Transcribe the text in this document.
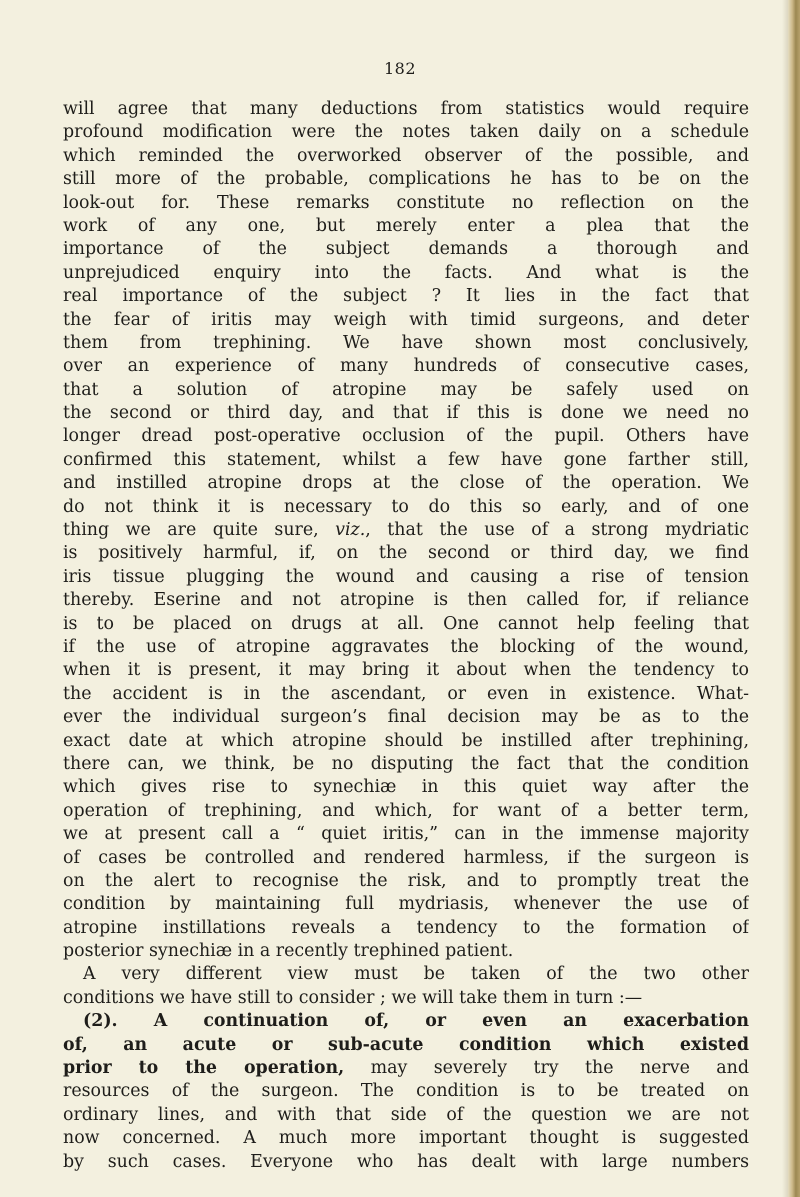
182
will agree that many deductions from statistics would require
profound modification were the notes taken daily on a schedule
which reminded the overworked observer of the possible, and
still more of the probable, complications he has to be on the
look-out for. These remarks constitute no reflection on the
work of any one, but merely enter a plea that the
importance of the subject demands a thorough and
unprejudiced enquiry into the facts. And what is the
real importance of the subject ? It lies in the fact that
the fear of iritis may weigh with timid surgeons, and deter
them from trephining. We have shown most conclusively,
over an experience of many hundreds of consecutive cases,
that a solution of atropine may be safely used on
the second or third day, and that if this is done we need no
longer dread post-operative occlusion of the pupil. Others have
confirmed this statement, whilst a few have gone farther still,
and instilled atropine drops at the close of the operation. We
do not think it is necessary to do this so early, and of one
thing we are quite sure, viz., that the use of a strong mydriatic
is positively harmful, if, on the second or third day, we find
iris tissue plugging the wound and causing a rise of tension
thereby. Eserine and not atropine is then called for, if reliance
is to be placed on drugs at all. One cannot help feeling that
if the use of atropine aggravates the blocking of the wound,
when it is present, it may bring it about when the tendency to
the accident is in the ascendant, or even in existence. What-
ever the individual surgeon’s final decision may be as to the
exact date at which atropine should be instilled after trephining,
there can, we think, be no disputing the fact that the condition
which gives rise to synechiæ in this quiet way after the
operation of trephining, and which, for want of a better term,
we at present call a “ quiet iritis,” can in the immense majority
of cases be controlled and rendered harmless, if the surgeon is
on the alert to recognise the risk, and to promptly treat the
condition by maintaining full mydriasis, whenever the use of
atropine instillations reveals a tendency to the formation of
posterior synechiæ in a recently trephined patient.
A very different view must be taken of the two other
conditions we have still to consider ; we will take them in turn :—
(2). A continuation of, or even an exacerbation
of, an acute or sub-acute condition which existed
prior to the operation, may severely try the nerve and
resources of the surgeon. The condition is to be treated on
ordinary lines, and with that side of the question we are not
now concerned. A much more important thought is suggested
by such cases. Everyone who has dealt with large numbers
